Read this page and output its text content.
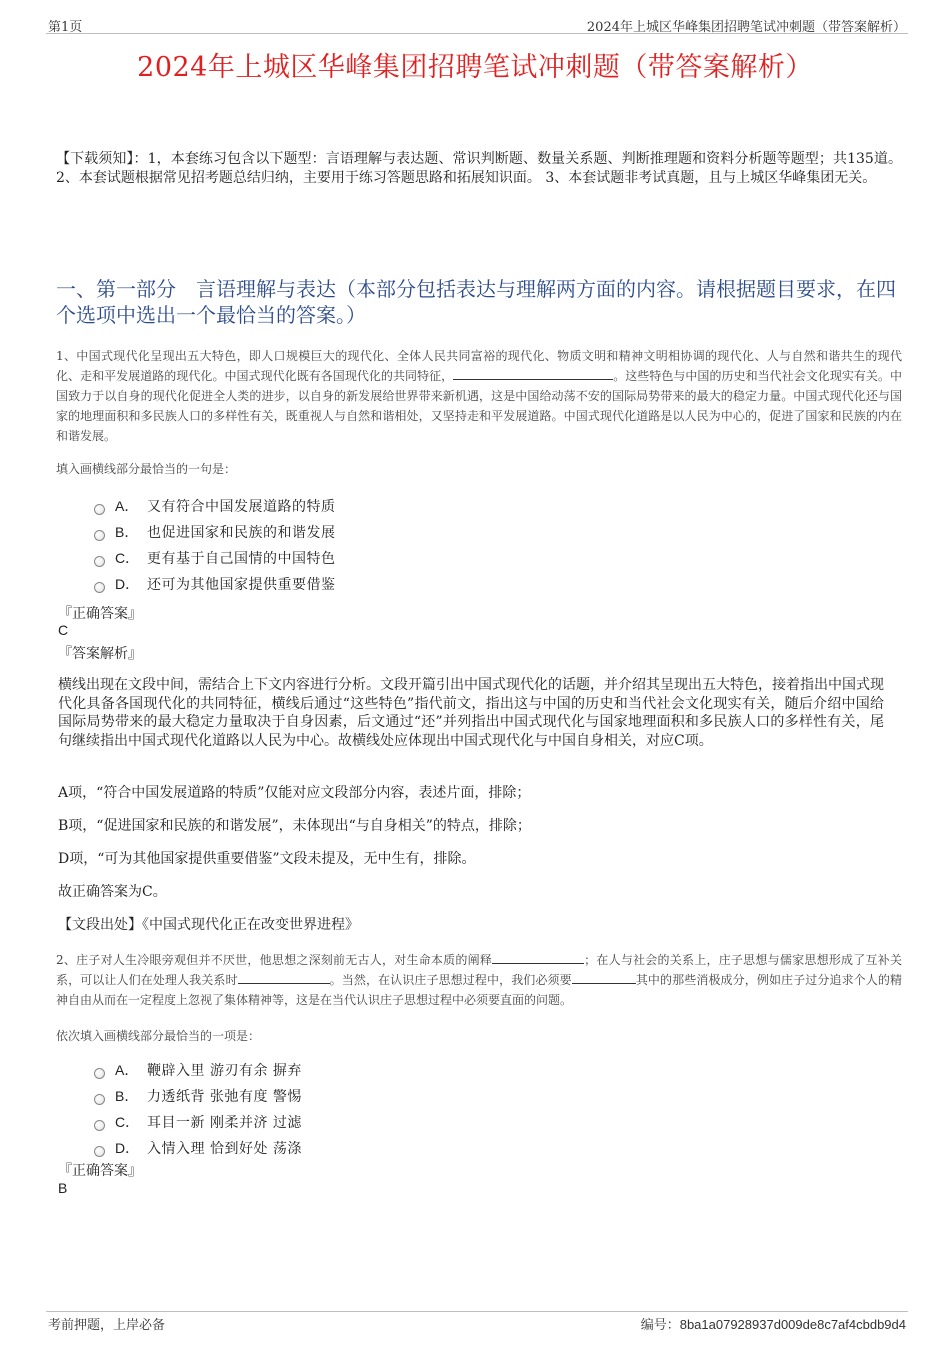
第1页	2024年上城区华峰集团招聘笔试冲刺题（带答案解析）
2024年上城区华峰集团招聘笔试冲刺题（带答案解析）
【下载须知】：1，本套练习包含以下题型：言语理解与表达题、常识判断题、数量关系题、判断推理题和资料分析题等题型；共135道。 2、本套试题根据常见招考题总结归纳，主要用于练习答题思路和拓展知识面。 3、本套试题非考试真题，且与上城区华峰集团无关。
一、第一部分　言语理解与表达（本部分包括表达与理解两方面的内容。请根据题目要求，在四个选项中选出一个最恰当的答案。）
1、中国式现代化呈现出五大特色，即人口规模巨大的现代化、全体人民共同富裕的现代化、物质文明和精神文明相协调的现代化、人与自然和谐共生的现代化、走和平发展道路的现代化。中国式现代化既有各国现代化的共同特征，	。这些特色与中国的历史和当代社会文化现实有关。中国致力于以自身的现代化促进全人类的进步，以自身的新发展给世界带来新机遇，这是中国给动荡不安的国际局势带来的最大的稳定力量。中国式现代化还与国家的地理面积和多民族人口的多样性有关，既重视人与自然和谐相处，又坚持走和平发展道路。中国式现代化道路是以人民为中心的，促进了国家和民族的内在和谐发展。
填入画横线部分最恰当的一句是：
A． 又有符合中国发展道路的特质
B． 也促进国家和民族的和谐发展
C． 更有基于自己国情的中国特色
D． 还可为其他国家提供重要借鉴
『正确答案』
C
『答案解析』
横线出现在文段中间，需结合上下文内容进行分析。文段开篇引出中国式现代化的话题，并介绍其呈现出五大特色，接着指出中国式现代化具备各国现代化的共同特征，横线后通过“这些特色”指代前文，指出这与中国的历史和当代社会文化现实有关，随后介绍中国给国际局势带来的最大稳定力量取决于自身因素，后文通过“还”并列指出中国式现代化与国家地理面积和多民族人口的多样性有关，尾句继续指出中国式现代化道路以人民为中心。故横线处应体现出中国式现代化与中国自身相关，对应C项。
A项，“符合中国发展道路的特质”仅能对应文段部分内容，表述片面，排除；
B项，“促进国家和民族的和谐发展”，未体现出“与自身相关”的特点，排除；
D项，“可为其他国家提供重要借鉴”文段未提及，无中生有，排除。
故正确答案为C。
【文段出处】《中国式现代化正在改变世界进程》
2、庄子对人生冷眼旁观但并不厌世，他思想之深刻前无古人，对生命本质的阐释	；在人与社会的关系上，庄子思想与儒家思想形成了互补关系，可以让人们在处理人我关系时	。当然，在认识庄子思想过程中，我们必须要	其中的那些消极成分，例如庄子过分追求个人的精神自由从而在一定程度上忽视了集体精神等，这是在当代认识庄子思想过程中必须要直面的问题。
依次填入画横线部分最恰当的一项是：
A． 鞭辟入里 游刃有余 摒弃
B． 力透纸背 张弛有度 警惕
C． 耳目一新 刚柔并济 过滤
D． 入情入理 恰到好处 荡涤
『正确答案』
B
考前押题，上岸必备	编号：8ba1a07928937d009de8c7af4cbdb9d4
